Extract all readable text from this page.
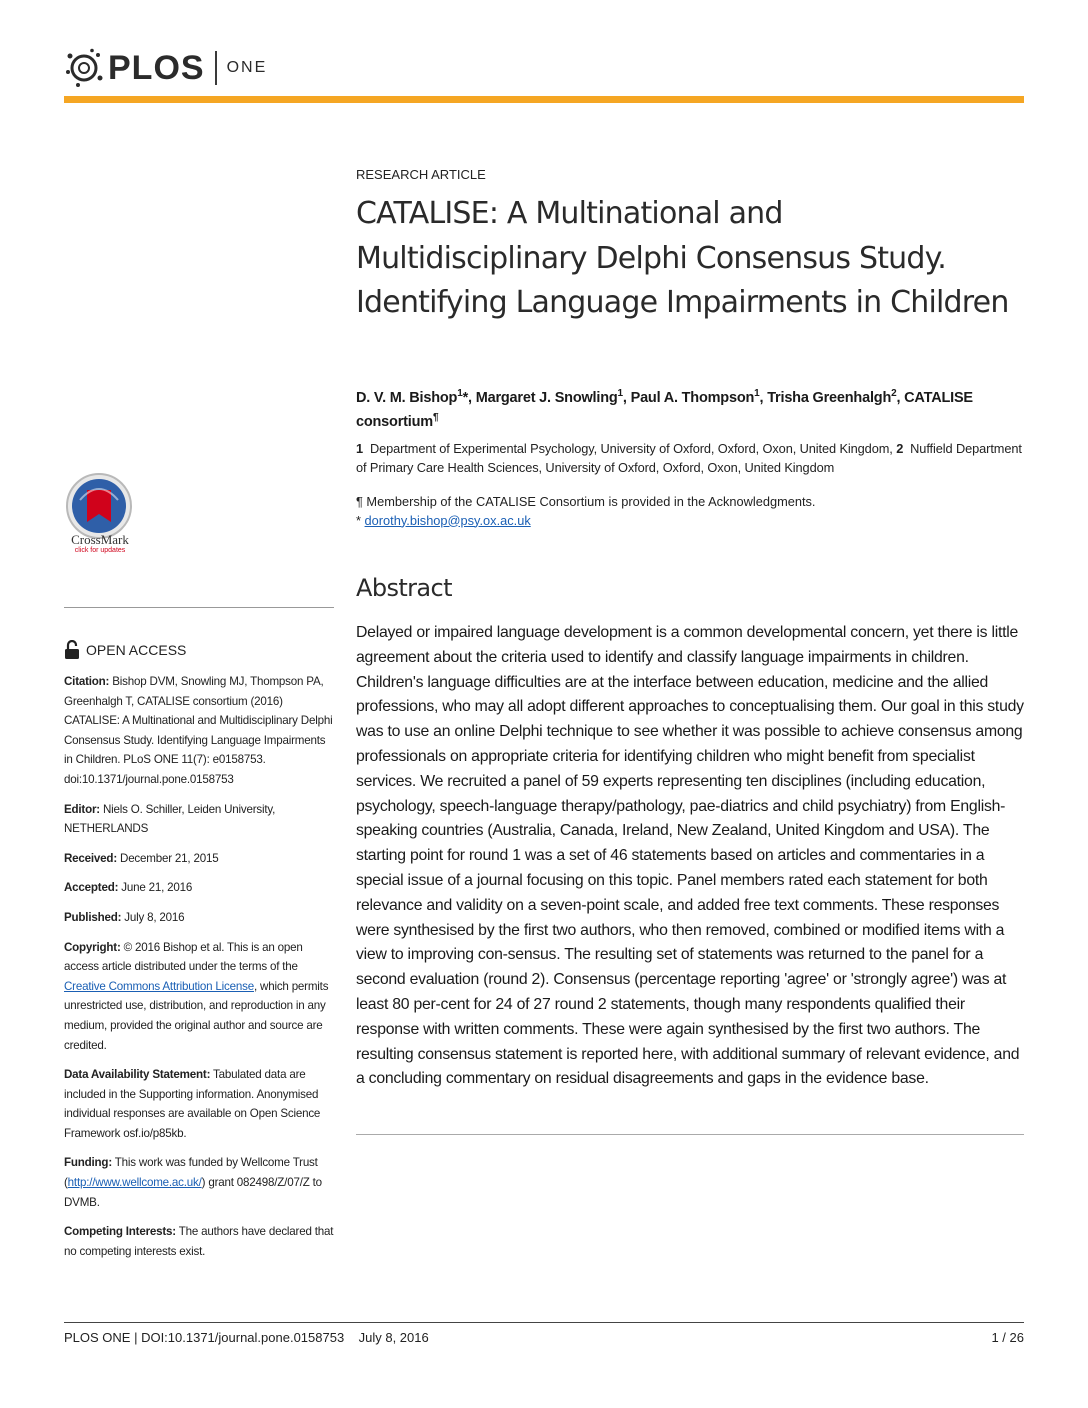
PLOS ONE
CrossMark
click for updates
OPEN ACCESS

Citation: Bishop DVM, Snowling MJ, Thompson PA, Greenhalgh T, CATALISE consortium (2016) CATALISE: A Multinational and Multidisciplinary Delphi Consensus Study. Identifying Language Impairments in Children. PLoS ONE 11(7): e0158753. doi:10.1371/journal.pone.0158753

Editor: Niels O. Schiller, Leiden University, NETHERLANDS

Received: December 21, 2015

Accepted: June 21, 2016

Published: July 8, 2016

Copyright: © 2016 Bishop et al. This is an open access article distributed under the terms of the Creative Commons Attribution License, which permits unrestricted use, distribution, and reproduction in any medium, provided the original author and source are credited.

Data Availability Statement: Tabulated data are included in the Supporting information. Anonymised individual responses are available on Open Science Framework osf.io/p85kb.

Funding: This work was funded by Wellcome Trust (http://www.wellcome.ac.uk/) grant 082498/Z/07/Z to DVMB.

Competing Interests: The authors have declared that no competing interests exist.

RESEARCH ARTICLE
CATALISE: A Multinational and Multidisciplinary Delphi Consensus Study. Identifying Language Impairments in Children
D. V. M. Bishop$^1$*, Margaret J. Snowling$^1$, Paul A. Thompson$^1$, Trisha Greenhalgh$^2$, CATALISE consortium¶
1 Department of Experimental Psychology, University of Oxford, Oxford, Oxon, United Kingdom, 2 Nuffield Department of Primary Care Health Sciences, University of Oxford, Oxford, Oxon, United Kingdom
¶ Membership of the CATALISE Consortium is provided in the Acknowledgments.
* dorothy.bishop@psy.ox.ac.uk
Abstract
Delayed or impaired language development is a common developmental concern, yet there is little agreement about the criteria used to identify and classify language impairments in children. Children's language difficulties are at the interface between education, medicine and the allied professions, who may all adopt different approaches to conceptualising them. Our goal in this study was to use an online Delphi technique to see whether it was possible to achieve consensus among professionals on appropriate criteria for identifying children who might benefit from specialist services. We recruited a panel of 59 experts representing ten disciplines (including education, psychology, speech-language therapy/pathology, pae-diatrics and child psychiatry) from English-speaking countries (Australia, Canada, Ireland, New Zealand, United Kingdom and USA). The starting point for round 1 was a set of 46 statements based on articles and commentaries in a special issue of a journal focusing on this topic. Panel members rated each statement for both relevance and validity on a seven-point scale, and added free text comments. These responses were synthesised by the first two authors, who then removed, combined or modified items with a view to improving con-sensus. The resulting set of statements was returned to the panel for a second evaluation (round 2). Consensus (percentage reporting 'agree' or 'strongly agree') was at least 80 per-cent for 24 of 27 round 2 statements, though many respondents qualified their response with written comments. These were again synthesised by the first two authors. The resulting consensus statement is reported here, with additional summary of relevant evidence, and a concluding commentary on residual disagreements and gaps in the evidence base.
PLOS ONE | DOI:10.1371/journal.pone.0158753    July 8, 2016	1 / 26
